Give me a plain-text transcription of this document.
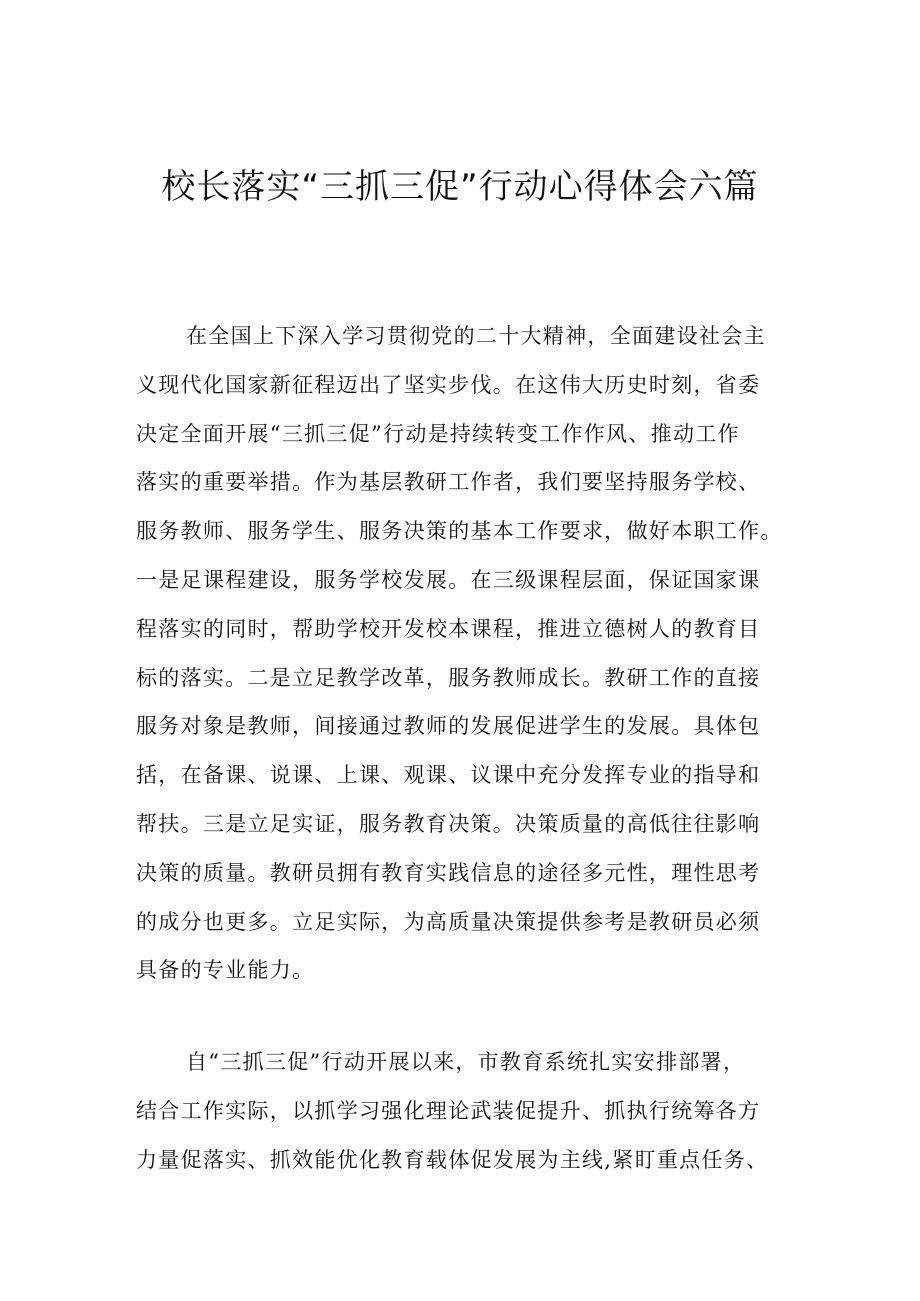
校长落实“三抓三促”行动心得体会六篇

在全国上下深入学习贯彻党的二十大精神，全面建设社会主
义现代化国家新征程迈出了坚实步伐。在这伟大历史时刻，省委
决定全面开展“三抓三促”行动是持续转变工作作风、推动工作
落实的重要举措。作为基层教研工作者，我们要坚持服务学校、
服务教师、服务学生、服务决策的基本工作要求，做好本职工作。
一是足课程建设，服务学校发展。在三级课程层面，保证国家课
程落实的同时，帮助学校开发校本课程，推进立德树人的教育目
标的落实。二是立足教学改革，服务教师成长。教研工作的直接
服务对象是教师，间接通过教师的发展促进学生的发展。具体包
括，在备课、说课、上课、观课、议课中充分发挥专业的指导和
帮扶。三是立足实证，服务教育决策。决策质量的高低往往影响
决策的质量。教研员拥有教育实践信息的途径多元性，理性思考
的成分也更多。立足实际，为高质量决策提供参考是教研员必须
具备的专业能力。

自“三抓三促”行动开展以来，市教育系统扎实安排部署，
结合工作实际，以抓学习强化理论武装促提升、抓执行统筹各方
力量促落实、抓效能优化教育载体促发展为主线,紧盯重点任务、
